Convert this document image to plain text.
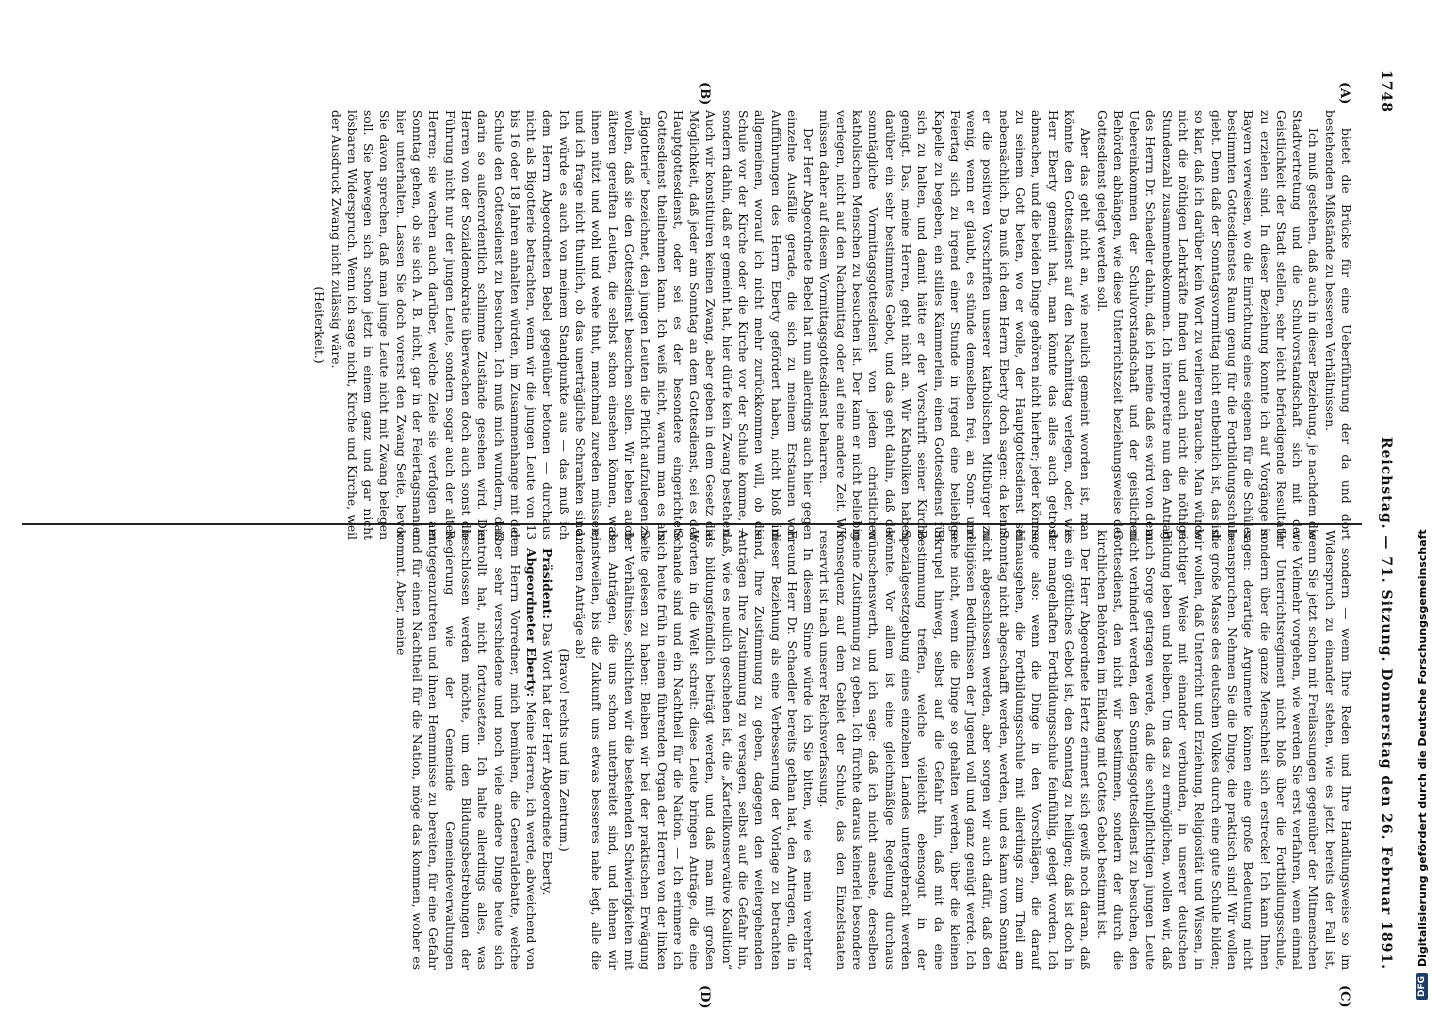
1748
Reichstag. — 71. Sitzung. Donnerstag den 26. Februar 1891.
(A)
(B)
(C)
(D)

bietet die Brücke für eine Ueberführung der da und dort bestehenden Mißstände zu besseren Verhältnissen.

Ich muß gestehen, daß auch in dieser Beziehung, je nachdem die Stadtvertretung und die Schulvorstandschaft sich mit der Geistlichkeit der Stadt stellen, sehr leicht befriedigende Resultate zu erzielen sind. In dieser Beziehung konnte ich auf Vorgänge in Bayern verweisen, wo die Einrichtung eines eigenen für die Schüler bestimmten Gottesdienstes Raum genug für die Fortbildungsschule giebt. Denn daß der Sonntagsvormittag nicht entbehrlich ist, das ist so klar, daß ich darüber kein Wort zu verlieren brauche. Man würde nicht die nöthigen Lehrkräfte finden und auch nicht die nöthige Stundenzahl zusammenbekommen. Ich interpretire nun den Antrag des Herrn Dr. Schaedler dahin, daß ich meine daß es wird von dem Uebereinkommen der Schulvorstandschaft und der geistlichen Behörden abhängen, wie diese Unterrichtszeit beziehungsweise der Gottesdienst gelegt werden soll.

Aber das geht nicht an, wie neulich gemeint worden ist, man könnte den Gottesdienst auf den Nachmittag verlegen, oder, wie Herr Eberty gemeint hat, man könnte das alles auch getrost abmachen, und die beiden Dinge gehören nicht hierher; jeder könne zu seinem Gott beten, wo er wolle, der Hauptgottesdienst sei nebensächlich. Da muß ich dem Herrn Eberty doch sagen: da kennt er die positiven Vorschriften unserer katholischen Mitbürger zu wenig, wenn er glaubt, es stünde demselben frei, an Sonn- und Feiertag sich zu irgend einer Stunde in irgend eine beliebige Kapelle zu begeben, ein stilles Kämmerlein, einen Gottesdienst für sich zu halten, und damit hätte er der Vorschrift seiner Kirche genügt. Das, meine Herren, geht nicht an. Wir Katholiken haben darüber ein sehr bestimmtes Gebot, und das geht dahin, daß der sonntägliche Vormittagsgottesdienst von jedem christlichen katholischen Menschen zu besuchen ist. Der kann er nicht beliebig verlegen, nicht auf den Nachmittag oder auf eine andere Zeit. Wir müssen daher auf diesem Vormittagsgottesdienst beharren.

Der Herr Abgeordnete Bebel hat nun allerdings auch hier gegen einzelne Ausfälle gerade, die sich zu meinem Erstaunen von Aufführungen des Herrn Eberty gefördert haben, nicht bloß im allgemeinen, worauf ich nicht mehr zurückkommen will, ob die Schule vor der Kirche oder die Kirche vor der Schule komme, — sondern dahin, daß er gemeint hat, hier dürfe kein Zwang bestehen. Auch wir konstituiren keinen Zwang, aber geben in dem Gesetz die Möglichkeit, daß jeder am Sonntag an dem Gottesdienst, sei es der Hauptgottesdienst, oder sei es der besondere eingerichtete Gottesdienst theilnehmen kann. Ich weiß nicht, warum man es als „Bigotterie“ bezeichnet, den jungen Leuten die Pflicht aufzulegen zu wollen, daß sie den Gottesdienst besuchen sollen. Wir leben auch älteren gereiften Leuten, die selbst schon einsehen können, was ihnen nützt und wohl und wehe thut, manchmal zureden müssen; und ich frage nicht thunlich, ob das unerträgliche Schranken sind. Ich würde es auch von meinem Standpunkte aus — das muß ich dem Herrn Abgeordneten Bebel gegenüber betonen — durchaus nicht als Bigotterie betrachten, wenn wir die jungen Leute von 13 bis 16 oder 18 Jahren anhalten würden, im Zusammenhange mit der Schule den Gottesdienst zu besuchen. Ich muß mich wundern, daß darin so außerordentlich schlimme Zustände gesehen wird. Die Herren von der Sozialdemokratie überwachen doch auch sonst die Führung nicht nur der jungen Leute, sondern sogar auch der alten Herren; sie wachen auch darüber, welche Ziele sie verfolgen am Sonntag gehen, ob sie sich A. B. nicht, gar in der Feiertagsmanier hier unterhalten. Lassen Sie doch vorerst den Zwang Seite, bevor Sie davon sprechen, daß man junge Leute nicht mit Zwang belegen soll. Sie bewegen sich schon jetzt in einem ganz und gar nicht lösbaren Widerspruch. Wenn ich sage nicht, Kirche und Kirche, weil der Ausdruck Zwang nicht zulässig wäre.

(Heiterkeit.)

sondern — wenn Ihre Reden und Ihre Handlungsweise so im Widerspruch zu einander stehen, wie es jetzt bereits der Fall ist, wenn Sie jetzt schon mit Freilassungen gegenüber der Mitmenschen wie Vielmehr vorgehen, wie werden Sie erst verfahren, wenn einmal Ihr Unterrichtsregiment nicht bloß über die Fortbildungsschule, sondern über die ganze Menschheit sich erstrecke! Ich kann Ihnen sagen: derartige Argumente können eine große Bedeutung nicht beanspruchen. Nehmen Sie die Dinge, die praktisch sind! Wir wollen die große Masse des deutschen Volkes durch eine gute Schule bilden; wir wollen, daß Unterricht und Erziehung, Religiosität und Wissen, in richtiger Weise mit einander verbunden, in unserer deutschen Bildung leben und bleiben. Um das zu ermöglichen, wollen wir, daß auch Sorge getragen werde, daß die schulpflichtigen jungen Leute nicht verhindert werden, den Sonntagsgottesdienst zu besuchen, den Gottesdienst, den nicht wir bestimmen, sondern der durch die kirchlichen Behörden im Einklang mit Gottes Gebot bestimmt ist.

Der Herr Abgeordnete Hertz erinnert sich gewiß noch daran, daß es ein göttliches Gebot ist, den Sonntag zu heiligen; daß ist doch in der mangelhaften Fortbildungsschule feinfühlig, gelegt worden. Ich sage also: wenn die Dinge in den Vorschlägen, die darauf hinausgehen, die Fortbildungsschule mit allerdings zum Theil am Sonntag nicht abgeschafft werden, werden, und es kann vom Sonntag nicht abgeschlossen werden, aber sorgen wir auch dafür, daß den religiösen Bedürfnissen der Jugend voll und ganz genügt werde. Ich sehe nicht, wenn die Dinge so gehalten werden, über die kleinen Skrupel hinweg, selbst auf die Gefahr hin, daß mit da eine Bestimmung treffen, welche vielleicht ebensogut in der Spezialgesetzgebung eines einzelnen Landes untergebracht werden könnte. Vor allem ist eine gleichmäßige Regelung durchaus wünschenswerth, und ich sage: daß ich nicht ansehe, derselben meine Zustimmung zu geben. Ich fürchte daraus keinerlei besondere Konsequenz auf dem Gebiet der Schule, das den Einzelstaaten reservirt ist nach unserer Reichsverfassung.

In diesem Sinne würde ich Sie bitten, wie es mein verehrter Freund Herr Dr. Schaedler bereits gethan hat, den Antragen, die in dieser Beziehung als eine Verbesserung der Vorlage zu betrachten sind, Ihre Zustimmung zu geben, dagegen den weitergehenden Anträgen Ihre Zustimmung zu versagen, selbst auf die Gefahr hin, daß, wie es neulich geschehen ist, die „Kartellkonservative Koalition“ als bildungsfeindlich beiträgt werden, und daß man mit großen Worten in die Welt schreit: diese Leute bringen Anträge, die eine Schande sind und ein Nachtheil für die Nation. — Ich erinnere ich mich heute früh in einem führenden Organ der Herren von der linken Seite gelesen zu haben: Bleiben wir bei der praktischen Erwägung der Verhältnisse, schlichten wir die bestehenden Schwierigkeiten mit den Anträgen, die uns schon unterbreitet sind, und lehnen wir einstweilen, bis die Zukunft uns etwas besseres nahe legt, alle die anderen Anträge ab!

(Bravo! rechts und im Zentrum.)

Präsident: Das Wort hat der Herr Abgeordnete Eberty.

Abgeordneter Eberty: Meine Herren, ich werde, abweichend von dem Herrn Vorredner, mich bemühen, die Generaldebatte, welche über sehr verschiedene und noch viele andere Dinge heute sich entrollt hat, nicht fortzusetzen. Ich halte allerdings alles, was beschlossen werden möchte, um den Bildungsbestrebungen der Regierung wie der Gemeinde Gemeindeverwaltungen entgegenzutreten und ihnen Hemmnisse zu bereiten, für eine Gefahr und für einen Nachtheil für die Nation, möge das kommen, woher es kommt. Aber, meine

DFG
Digitalisierung gefördert durch die Deutsche Forschungsgemeinschaft
